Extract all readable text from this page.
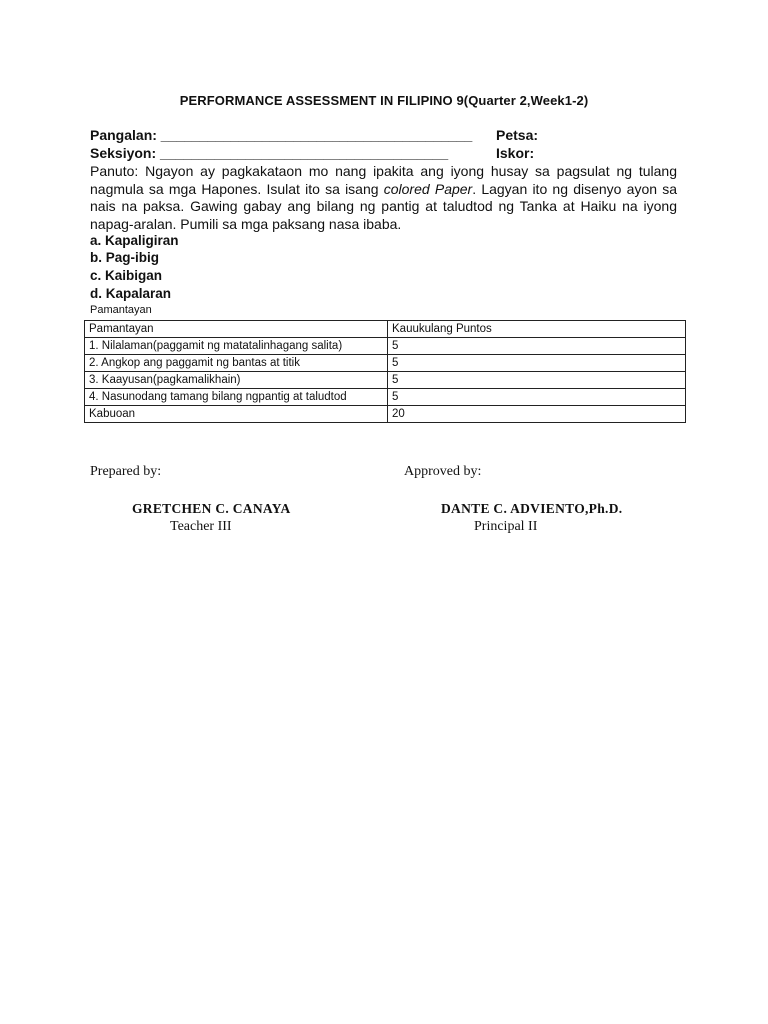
PERFORMANCE ASSESSMENT IN FILIPINO 9(Quarter 2,Week1-2)
Pangalan: ________________________________________ Petsa:
Seksiyon: _____________________________________	Iskor:
Panuto: Ngayon ay pagkakataon mo nang ipakita ang iyong husay sa pagsulat ng tulang nagmula sa mga Hapones. Isulat ito sa isang colored Paper. Lagyan ito ng disenyo ayon sa nais na paksa. Gawing gabay ang bilang ng pantig at taludtod ng Tanka at Haiku na iyong napag-aralan. Pumili sa mga paksang nasa ibaba.
a. Kapaligiran
b. Pag-ibig
c. Kaibigan
d. Kapalaran
Pamantayan
Pamantayan	Kauukulang Puntos
1. Nilalaman(paggamit ng matatalinhagang salita)	5
2. Angkop ang paggamit ng bantas at titik	5
3. Kaayusan(pagkamalikhain)	5
4. Nasunodang tamang bilang ngpantig at taludtod	5
Kabuoan	20
Prepared by:	Approved by:
GRETCHEN C. CANAYA
Teacher III
DANTE C. ADVIENTO,Ph.D.
Principal II
